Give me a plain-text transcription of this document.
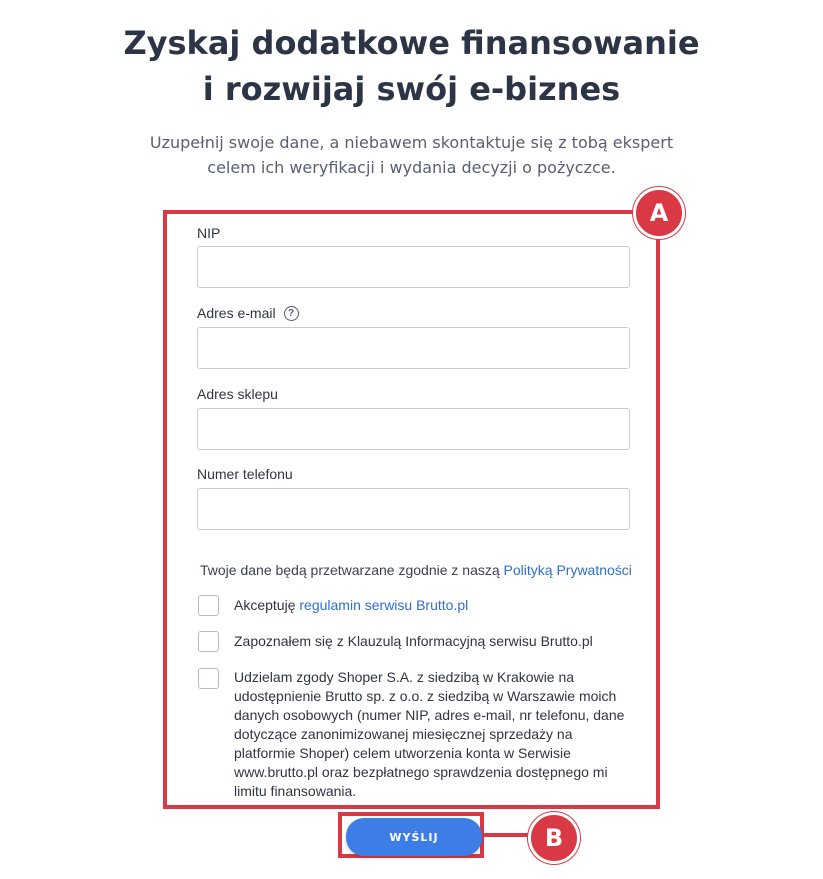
Zyskaj dodatkowe finansowanie
i rozwijaj swój e-biznes
Uzupełnij swoje dane, a niebawem skontaktuje się z tobą ekspert
celem ich weryfikacji i wydania decyzji o pożyczce.
A
NIP
Adres e-mail	?
Adres sklepu
Numer telefonu
Twoje dane będą przetwarzane zgodnie z naszą Polityką Prywatności
Akceptuję regulamin serwisu Brutto.pl
Zapoznałem się z Klauzulą Informacyjną serwisu Brutto.pl
Udzielam zgody Shoper S.A. z siedzibą w Krakowie na
udostępnienie Brutto sp. z o.o. z siedzibą w Warszawie moich
danych osobowych (numer NIP, adres e-mail, nr telefonu, dane
dotyczące zanonimizowanej miesięcznej sprzedaży na
platformie Shoper) celem utworzenia konta w Serwisie
www.brutto.pl oraz bezpłatnego sprawdzenia dostępnego mi
limitu finansowania.
WYŚLIJ	B
